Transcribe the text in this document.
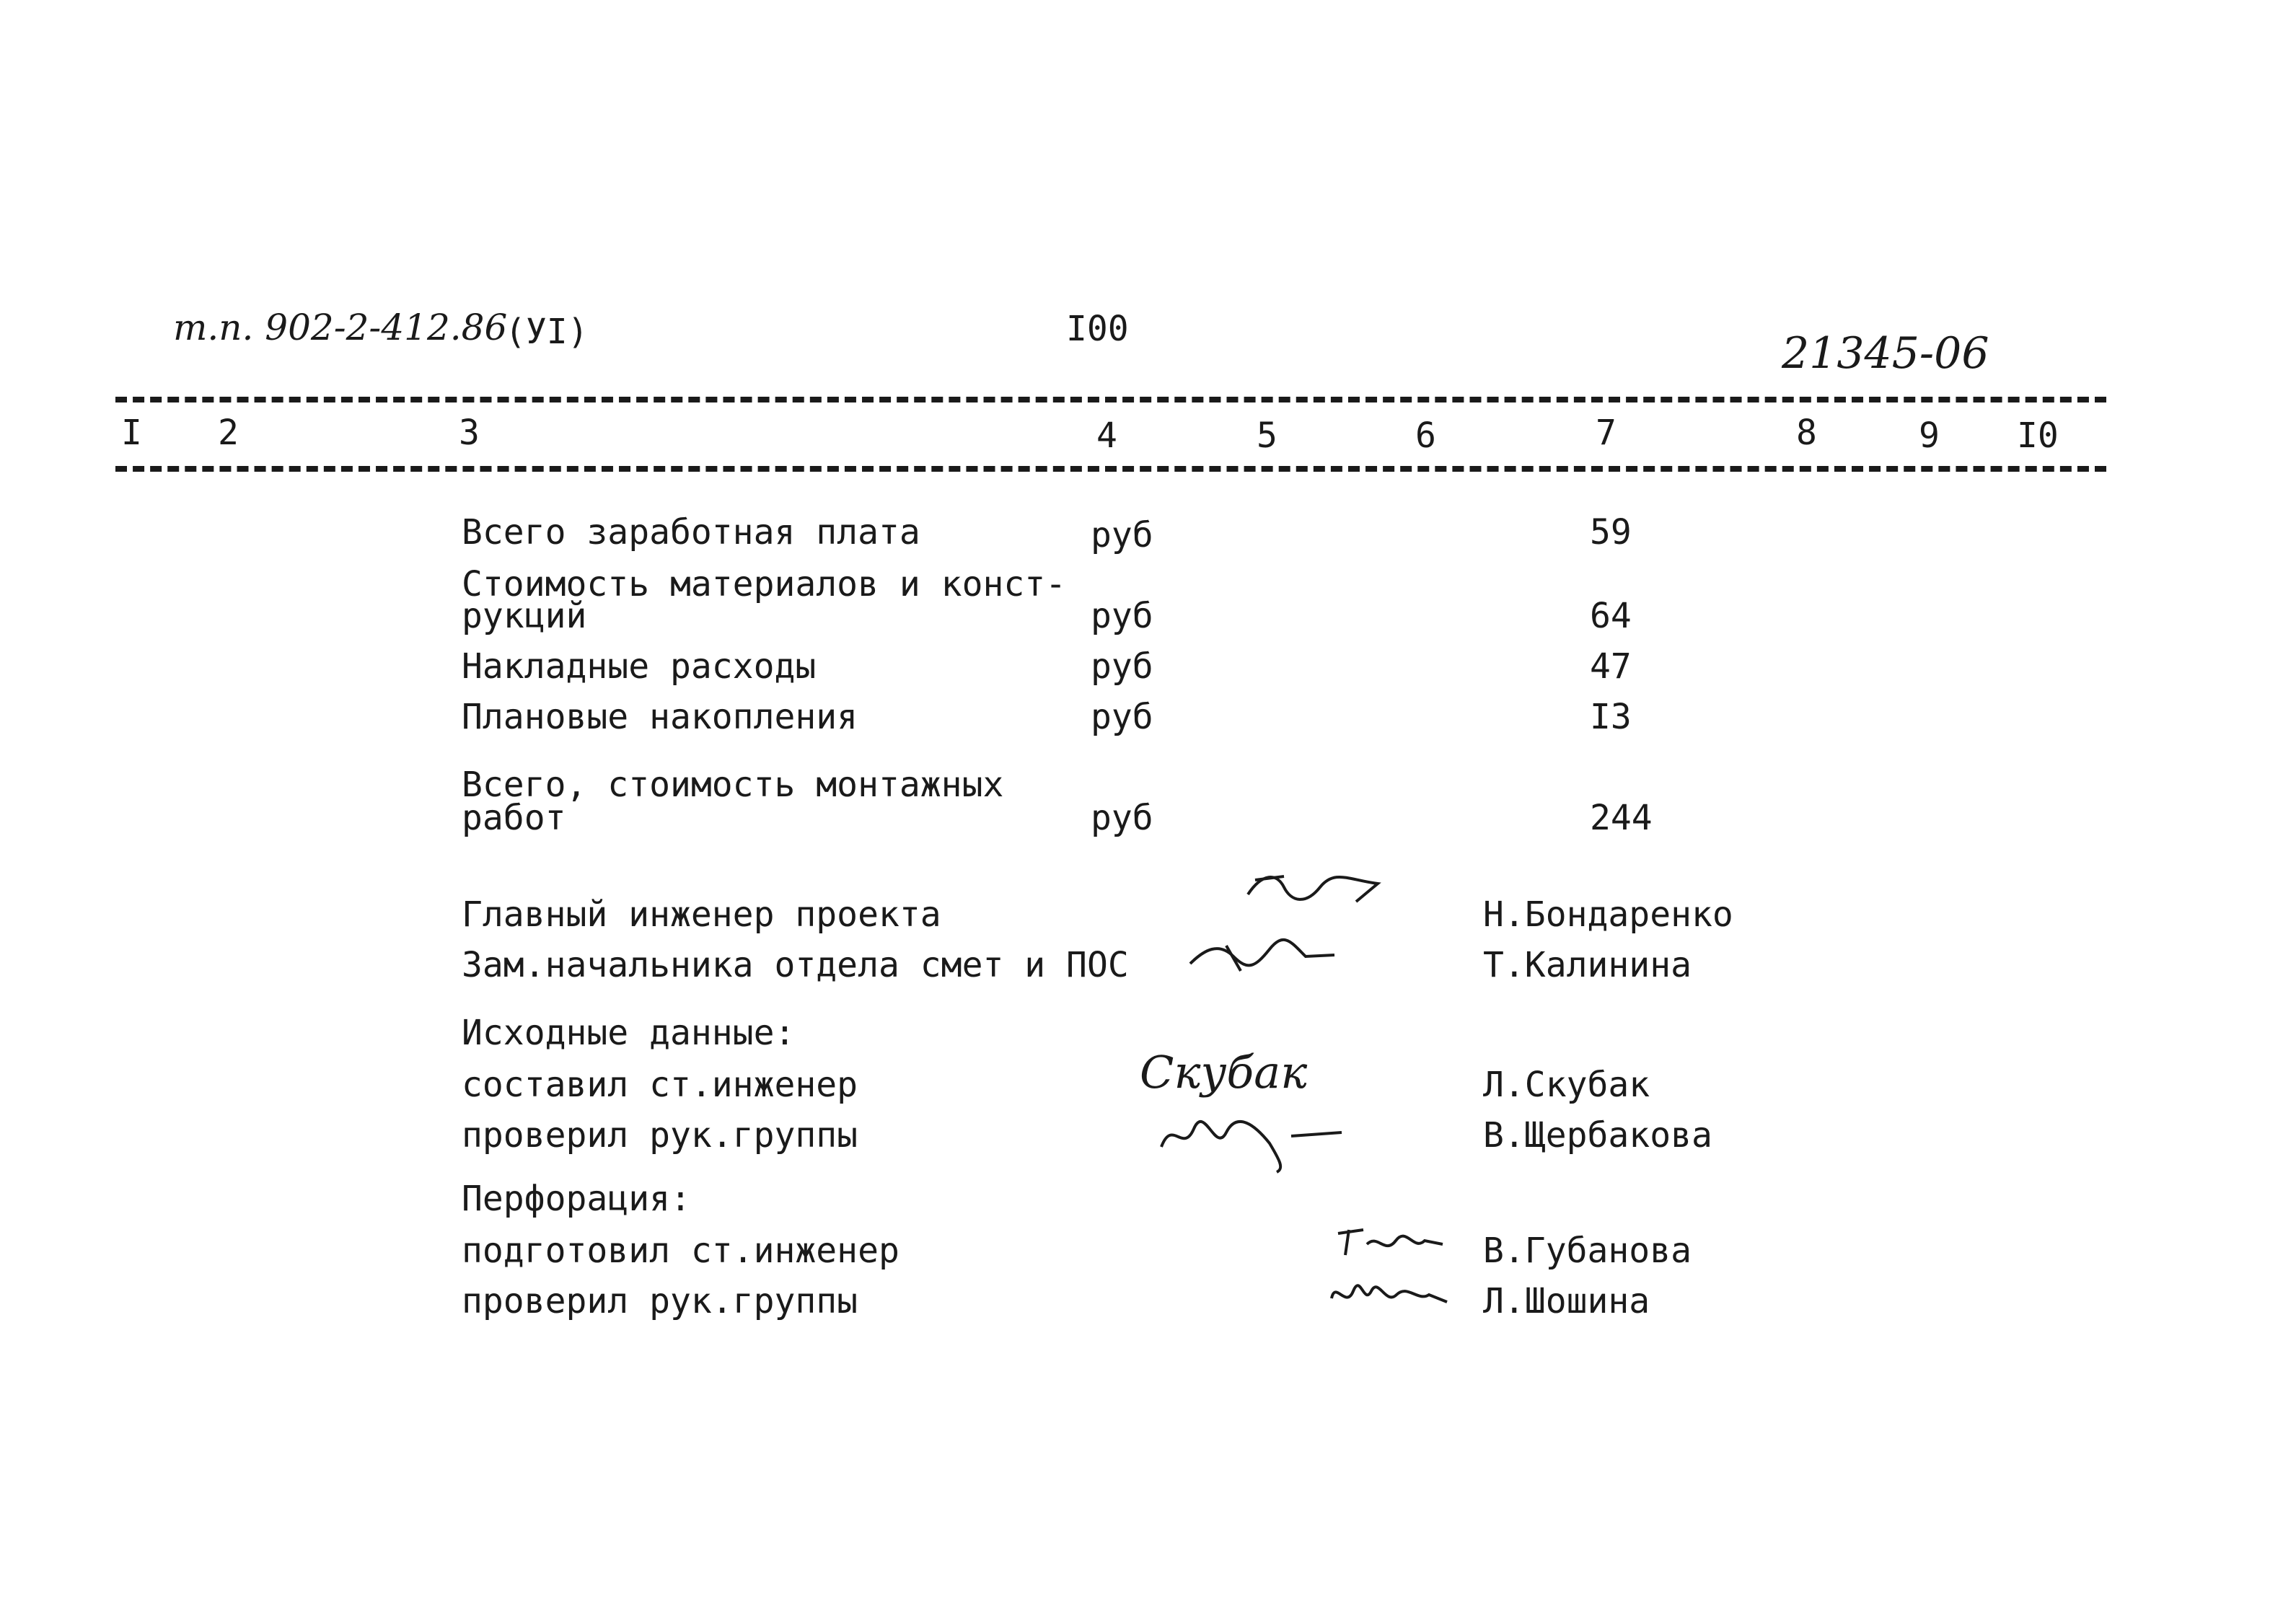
т.п. 902-2-412.86
(УI)	I00	21345-06
I 2	3	4	5	6	7	8	9 I0
Всего заработная плата	руб	59
Стоимость материалов и конст-
рукций	руб	64
Накладные расходы	руб	47
Плановые накопления	руб	I3
Всего, стоимость монтажных
работ	руб	244
Главный инженер проекта	Н.Бондаренко
Зам.начальника отдела смет и ПОС	Т.Калинина
Исходные данные:
составил ст.инженер	Скубак	Л.Скубак
проверил рук.группы	В.Щербакова
Перфорация:
подготовил ст.инженер	В.Губанова
проверил рук.группы	Л.Шошина
